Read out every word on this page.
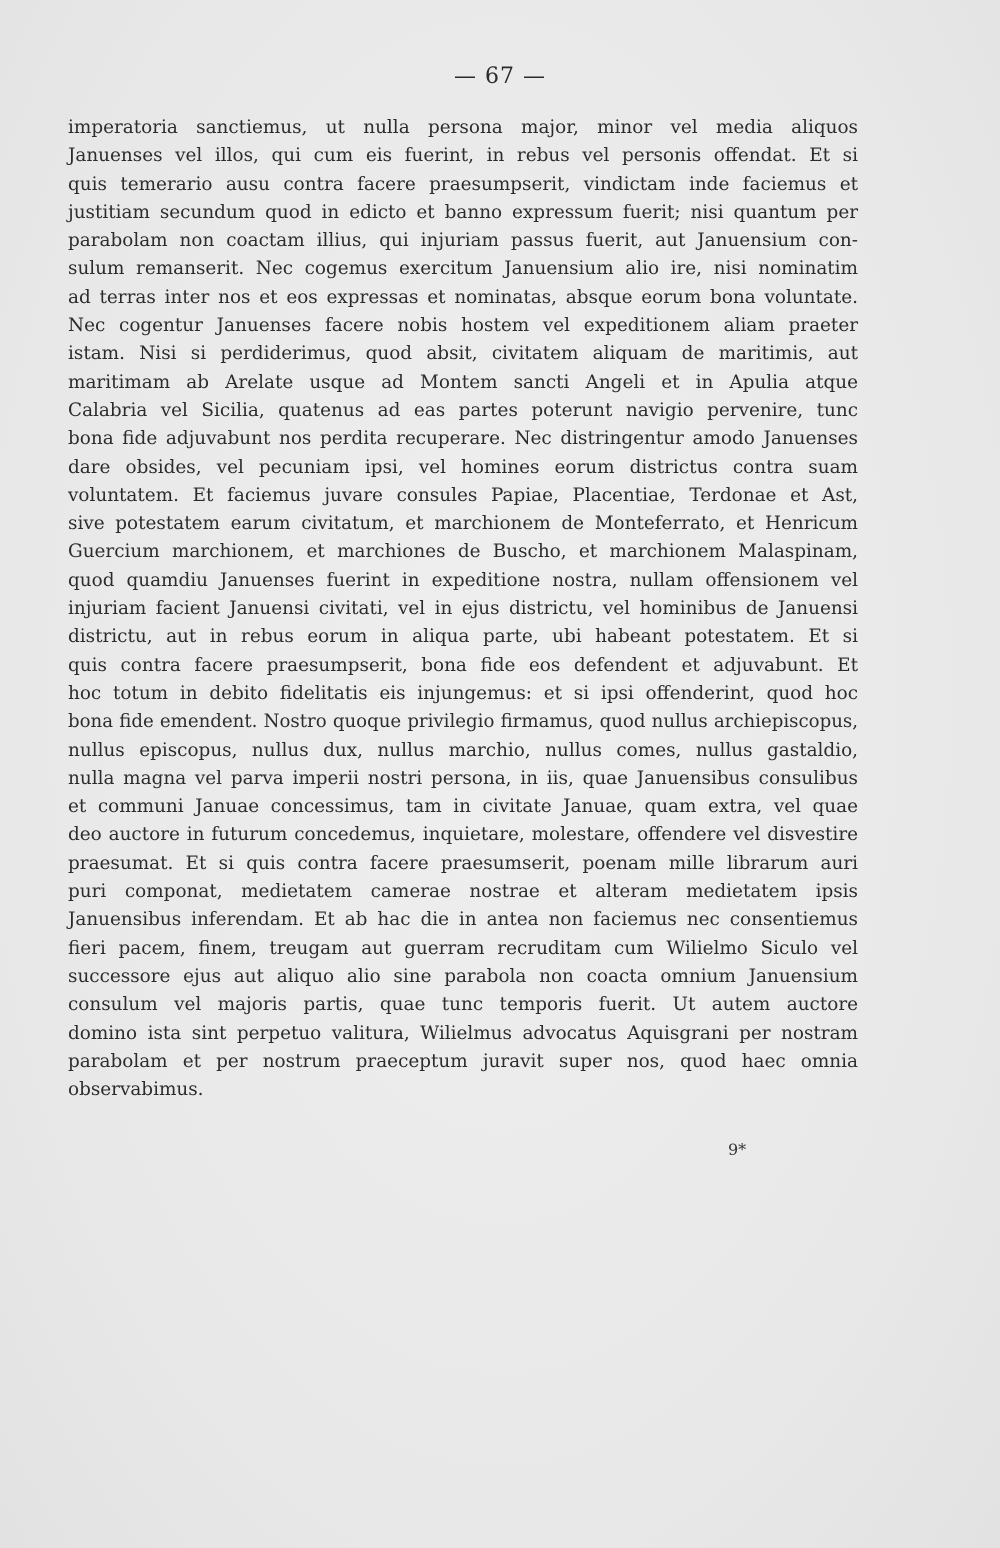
— 67 —
imperatoria sanctiemus, ut nulla persona major, minor vel media aliquos
Januenses vel illos, qui cum eis fuerint, in rebus vel personis offendat. Et si
quis temerario ausu contra facere praesumpserit, vindictam inde faciemus et
justitiam secundum quod in edicto et banno expressum fuerit; nisi quantum per
parabolam non coactam illius, qui injuriam passus fuerit, aut Januensium con-
sulum remanserit. Nec cogemus exercitum Januensium alio ire, nisi nominatim
ad terras inter nos et eos expressas et nominatas, absque eorum bona voluntate.
Nec cogentur Januenses facere nobis hostem vel expeditionem aliam praeter
istam. Nisi si perdiderimus, quod absit, civitatem aliquam de maritimis, aut
maritimam ab Arelate usque ad Montem sancti Angeli et in Apulia atque
Calabria vel Sicilia, quatenus ad eas partes poterunt navigio pervenire, tunc
bona fide adjuvabunt nos perdita recuperare. Nec distringentur amodo Januenses
dare obsides, vel pecuniam ipsi, vel homines eorum districtus contra suam
voluntatem. Et faciemus juvare consules Papiae, Placentiae, Terdonae et Ast,
sive potestatem earum civitatum, et marchionem de Monteferrato, et Henricum
Guercium marchionem, et marchiones de Buscho, et marchionem Malaspinam,
quod quamdiu Januenses fuerint in expeditione nostra, nullam offensionem vel
injuriam facient Januensi civitati, vel in ejus districtu, vel hominibus de Januensi
districtu, aut in rebus eorum in aliqua parte, ubi habeant potestatem. Et si
quis contra facere praesumpserit, bona fide eos defendent et adjuvabunt. Et
hoc totum in debito fidelitatis eis injungemus: et si ipsi offenderint, quod hoc
bona fide emendent. Nostro quoque privilegio firmamus, quod nullus archiepiscopus,
nullus episcopus, nullus dux, nullus marchio, nullus comes, nullus gastaldio,
nulla magna vel parva imperii nostri persona, in iis, quae Januensibus consulibus
et communi Januae concessimus, tam in civitate Januae, quam extra, vel quae
deo auctore in futurum concedemus, inquietare, molestare, offendere vel disvestire
praesumat. Et si quis contra facere praesumserit, poenam mille librarum auri
puri componat, medietatem camerae nostrae et alteram medietatem ipsis
Januensibus inferendam. Et ab hac die in antea non faciemus nec consentiemus
fieri pacem, finem, treugam aut guerram recruditam cum Wilielmo Siculo vel
successore ejus aut aliquo alio sine parabola non coacta omnium Januensium
consulum vel majoris partis, quae tunc temporis fuerit. Ut autem auctore
domino ista sint perpetuo valitura, Wilielmus advocatus Aquisgrani per nostram
parabolam et per nostrum praeceptum juravit super nos, quod haec omnia
observabimus.
9*
